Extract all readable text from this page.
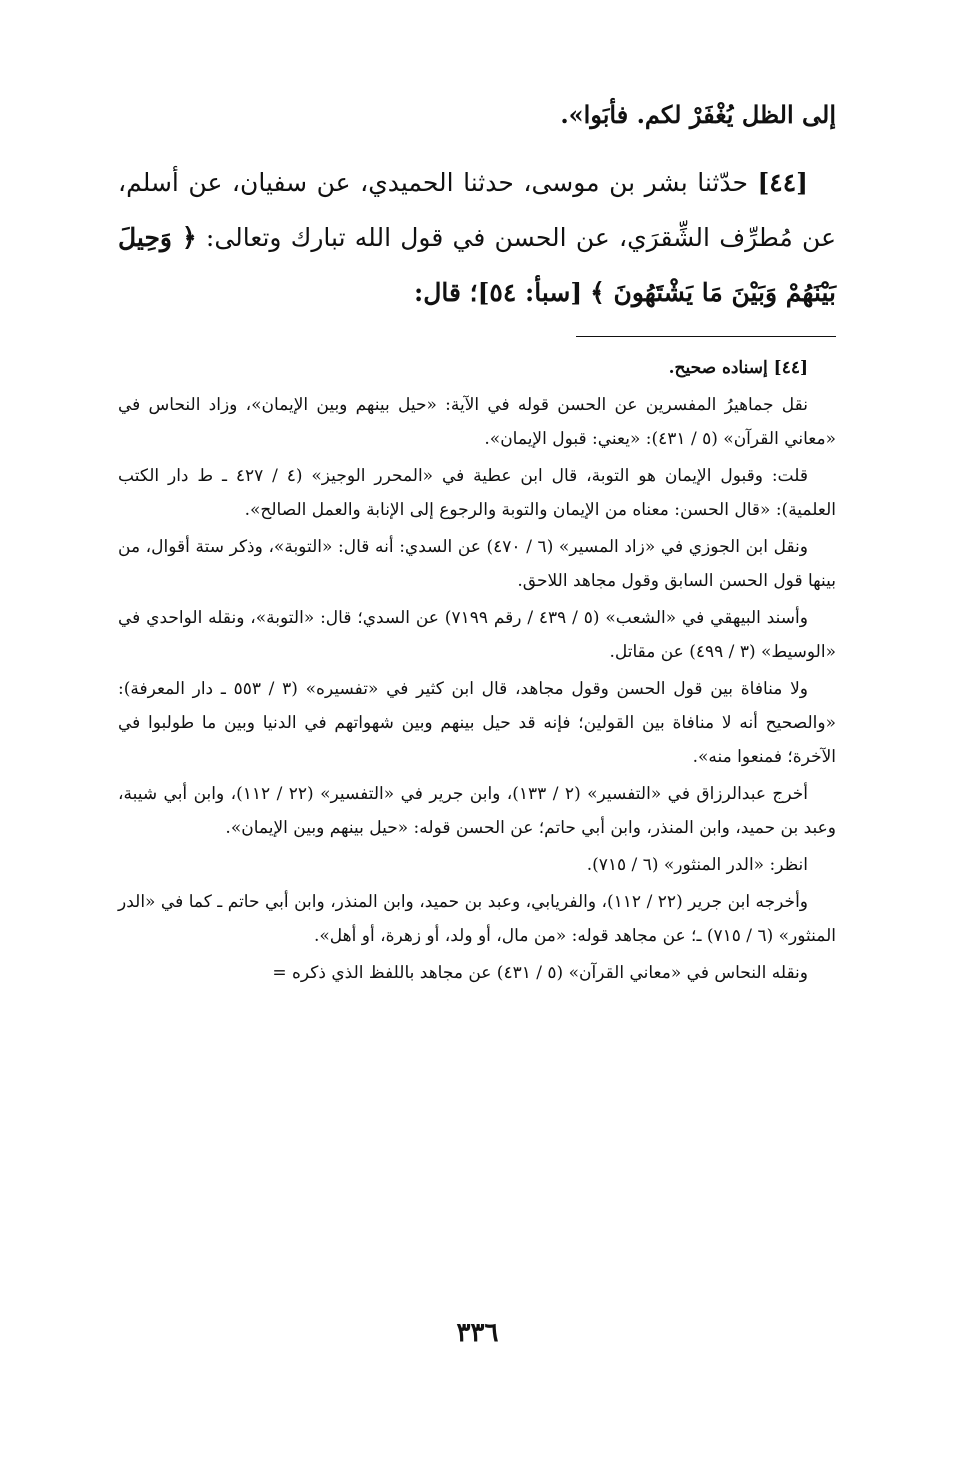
إلى الظل يُغْفَرْ لكم. فأبَوا».

[٤٤] حدّثنا بشر بن موسى، حدثنا الحميدي، عن سفيان، عن أسلم، عن مُطرِّف الشِّقرَي، عن الحسن في قول الله تبارك وتعالى: ﴿ وَحِيلَ بَيْنَهُمْ وَبَيْنَ مَا يَشْتَهُونَ ﴾ [سبأ: ٥٤]؛ قال:

[٤٤] إسناده صحيح.

نقل جماهيرُ المفسرين عن الحسن قوله في الآية: «حيل بينهم وبين الإيمان»، وزاد النحاس في «معاني القرآن» (٥ / ٤٣١): «يعني: قبول الإيمان».

قلت: وقبول الإيمان هو التوبة، قال ابن عطية في «المحرر الوجيز» (٤ / ٤٢٧ ـ ط دار الكتب العلمية): «قال الحسن: معناه من الإيمان والتوبة والرجوع إلى الإنابة والعمل الصالح».

ونقل ابن الجوزي في «زاد المسير» (٦ / ٤٧٠) عن السدي: أنه قال: «التوبة»، وذكر ستة أقوال، من بينها قول الحسن السابق وقول مجاهد اللاحق.

وأسند البيهقي في «الشعب» (٥ / ٤٣٩ / رقم ٧١٩٩) عن السدي؛ قال: «التوبة»، ونقله الواحدي في «الوسيط» (٣ / ٤٩٩) عن مقاتل.

ولا منافاة بين قول الحسن وقول مجاهد، قال ابن كثير في «تفسيره» (٣ / ٥٥٣ ـ دار المعرفة): «والصحيح أنه لا منافاة بين القولين؛ فإنه قد حيل بينهم وبين شهواتهم في الدنيا وبين ما طولبوا في الآخرة؛ فمنعوا منه».

أخرج عبدالرزاق في «التفسير» (٢ / ١٣٣)، وابن جرير في «التفسير» (٢٢ / ١١٢)، وابن أبي شيبة، وعبد بن حميد، وابن المنذر، وابن أبي حاتم؛ عن الحسن قوله: «حيل بينهم وبين الإيمان».

انظر: «الدر المنثور» (٦ / ٧١٥).

وأخرجه ابن جرير (٢٢ / ١١٢)، والفريابي، وعبد بن حميد، وابن المنذر، وابن أبي حاتم ـ كما في «الدر المنثور» (٦ / ٧١٥) ـ؛ عن مجاهد قوله: «من مال، أو ولد، أو زهرة، أو أهل».

ونقله النحاس في «معاني القرآن» (٥ / ٤٣١) عن مجاهد باللفظ الذي ذكره =

٣٣٦
